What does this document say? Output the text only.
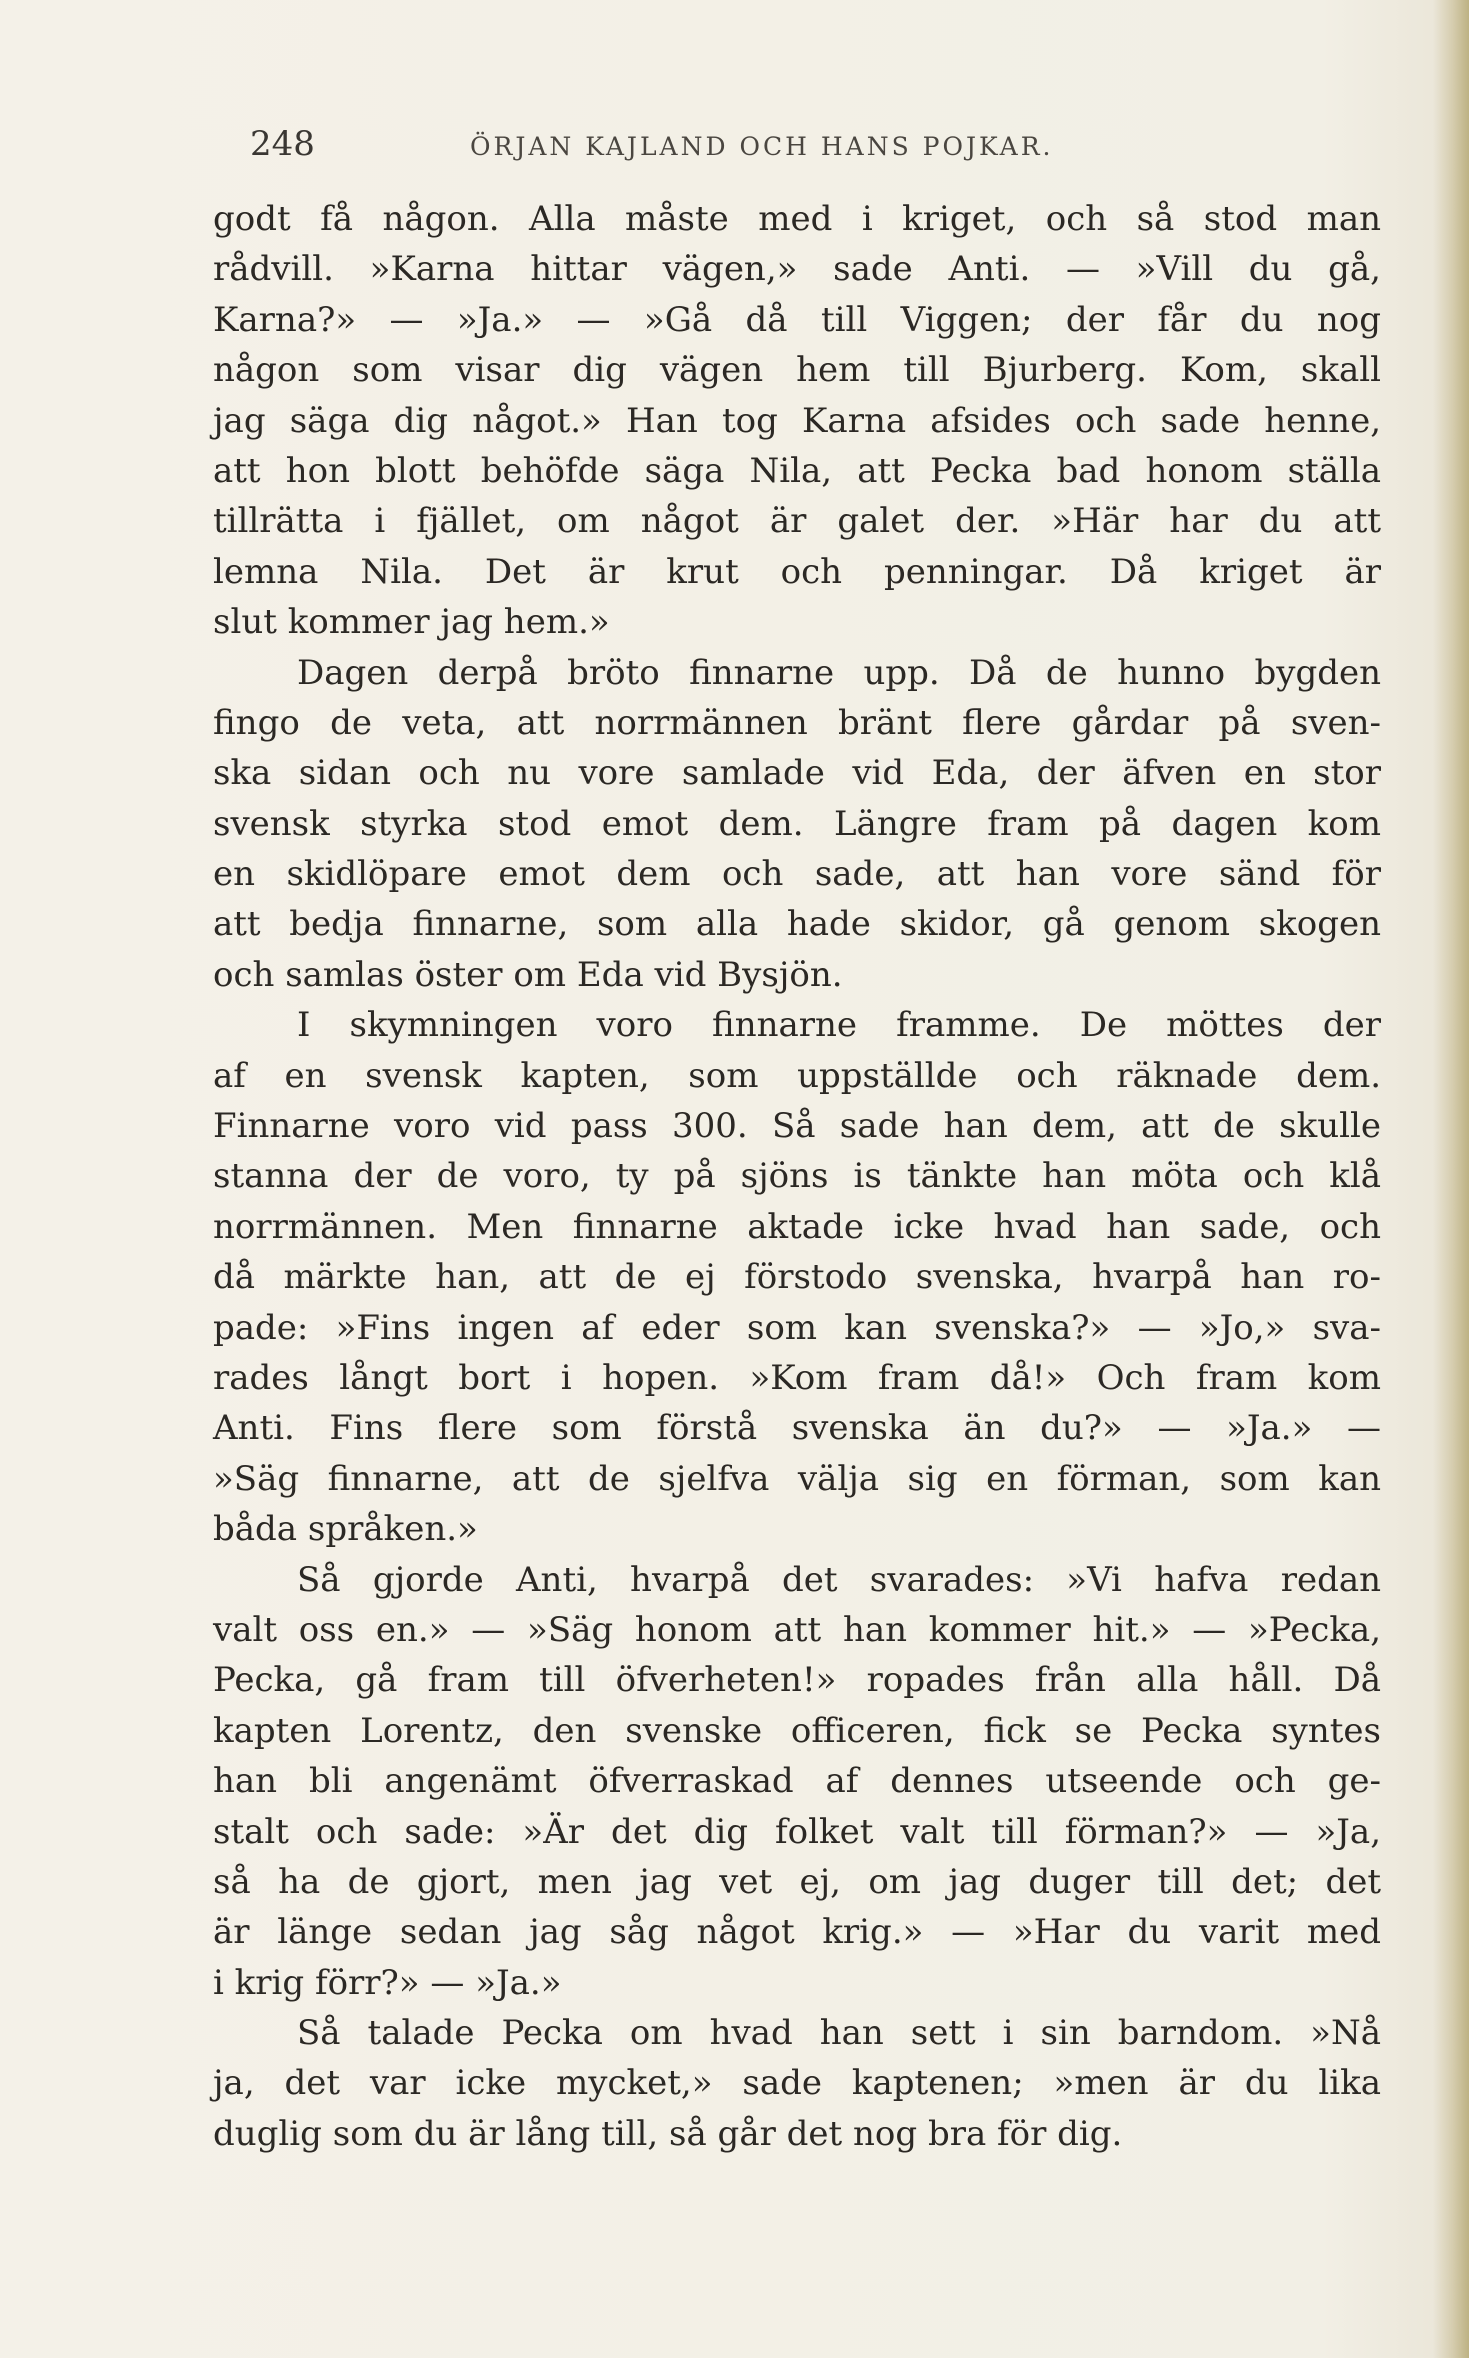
248	ÖRJAN KAJLAND OCH HANS POJKAR.
godt få någon. Alla måste med i kriget, och så stod man
rådvill. »Karna hittar vägen,» sade Anti. — »Vill du gå,
Karna?» — »Ja.» — »Gå då till Viggen; der får du nog
någon som visar dig vägen hem till Bjurberg. Kom, skall
jag säga dig något.» Han tog Karna afsides och sade henne,
att hon blott behöfde säga Nila, att Pecka bad honom ställa
tillrätta i fjället, om något är galet der. »Här har du att
lemna Nila. Det är krut och penningar. Då kriget är
slut kommer jag hem.»
Dagen derpå bröto finnarne upp. Då de hunno bygden
fingo de veta, att norrmännen bränt flere gårdar på sven-
ska sidan och nu vore samlade vid Eda, der äfven en stor
svensk styrka stod emot dem. Längre fram på dagen kom
en skidlöpare emot dem och sade, att han vore sänd för
att bedja finnarne, som alla hade skidor, gå genom skogen
och samlas öster om Eda vid Bysjön.
I skymningen voro finnarne framme. De möttes der
af en svensk kapten, som uppställde och räknade dem.
Finnarne voro vid pass 300. Så sade han dem, att de skulle
stanna der de voro, ty på sjöns is tänkte han möta och klå
norrmännen. Men finnarne aktade icke hvad han sade, och
då märkte han, att de ej förstodo svenska, hvarpå han ro-
pade: »Fins ingen af eder som kan svenska?» — »Jo,» sva-
rades långt bort i hopen. »Kom fram då!» Och fram kom
Anti. Fins flere som förstå svenska än du?» — »Ja.» —
»Säg finnarne, att de sjelfva välja sig en förman, som kan
båda språken.»
Så gjorde Anti, hvarpå det svarades: »Vi hafva redan
valt oss en.» — »Säg honom att han kommer hit.» — »Pecka,
Pecka, gå fram till öfverheten!» ropades från alla håll. Då
kapten Lorentz, den svenske officeren, fick se Pecka syntes
han bli angenämt öfverraskad af dennes utseende och ge-
stalt och sade: »Är det dig folket valt till förman?» — »Ja,
så ha de gjort, men jag vet ej, om jag duger till det; det
är länge sedan jag såg något krig.» — »Har du varit med
i krig förr?» — »Ja.»
Så talade Pecka om hvad han sett i sin barndom. »Nå
ja, det var icke mycket,» sade kaptenen; »men är du lika
duglig som du är lång till, så går det nog bra för dig.
